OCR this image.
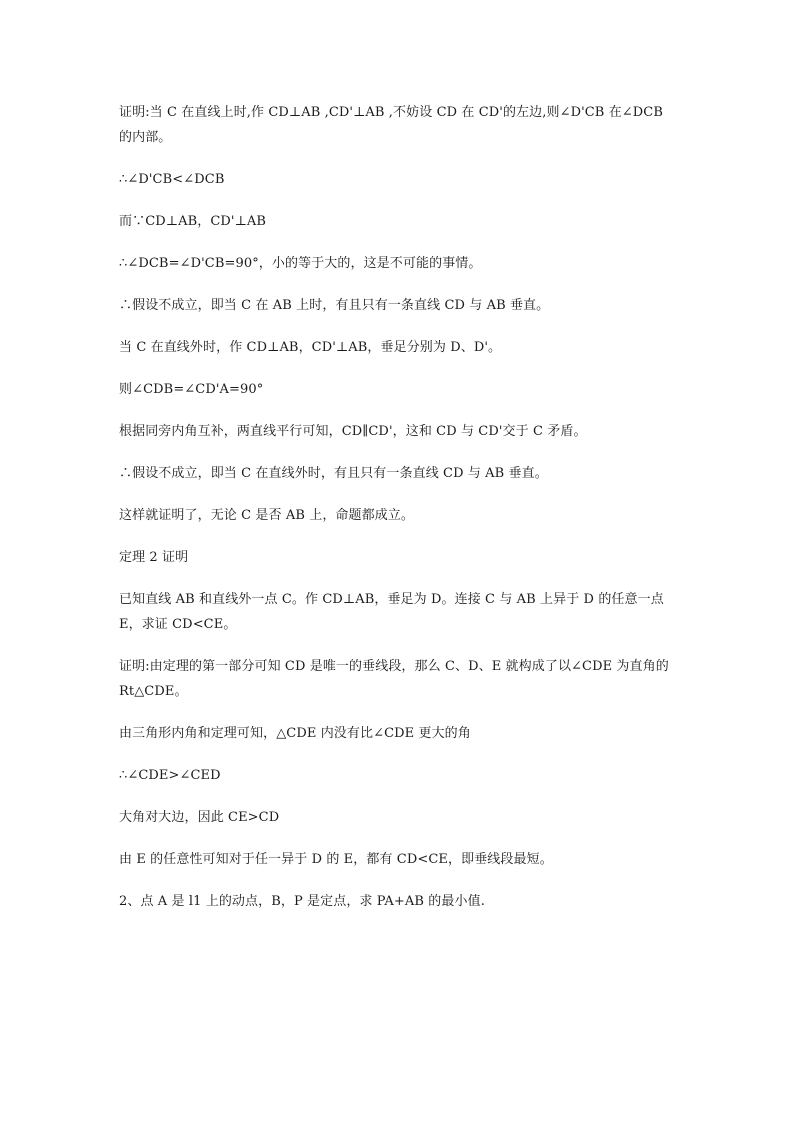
证明:当 C 在直线上时,作 CD⊥AB ,CD'⊥AB ,不妨设 CD 在 CD'的左边,则∠D'CB 在∠DCB 的内部。

∴∠D'CB<∠DCB

而∵CD⊥AB，CD'⊥AB

∴∠DCB=∠D'CB=90°，小的等于大的，这是不可能的事情。

∴假设不成立，即当 C 在 AB 上时，有且只有一条直线 CD 与 AB 垂直。

当 C 在直线外时，作 CD⊥AB，CD'⊥AB，垂足分别为 D、D'。

则∠CDB=∠CD'A=90°

根据同旁内角互补，两直线平行可知，CD∥CD'，这和 CD 与 CD'交于 C 矛盾。

∴假设不成立，即当 C 在直线外时，有且只有一条直线 CD 与 AB 垂直。

这样就证明了，无论 C 是否 AB 上，命题都成立。

定理 2 证明

已知直线 AB 和直线外一点 C。作 CD⊥AB，垂足为 D。连接 C 与 AB 上异于 D 的任意一点 E，求证 CD<CE。

证明:由定理的第一部分可知 CD 是唯一的垂线段，那么 C、D、E 就构成了以∠CDE 为直角的 Rt△CDE。

由三角形内角和定理可知，△CDE 内没有比∠CDE 更大的角

∴∠CDE>∠CED

大角对大边，因此 CE>CD

由 E 的任意性可知对于任一异于 D 的 E，都有 CD<CE，即垂线段最短。

2、点 A 是 l1 上的动点，B，P 是定点，求 PA+AB 的最小值.
